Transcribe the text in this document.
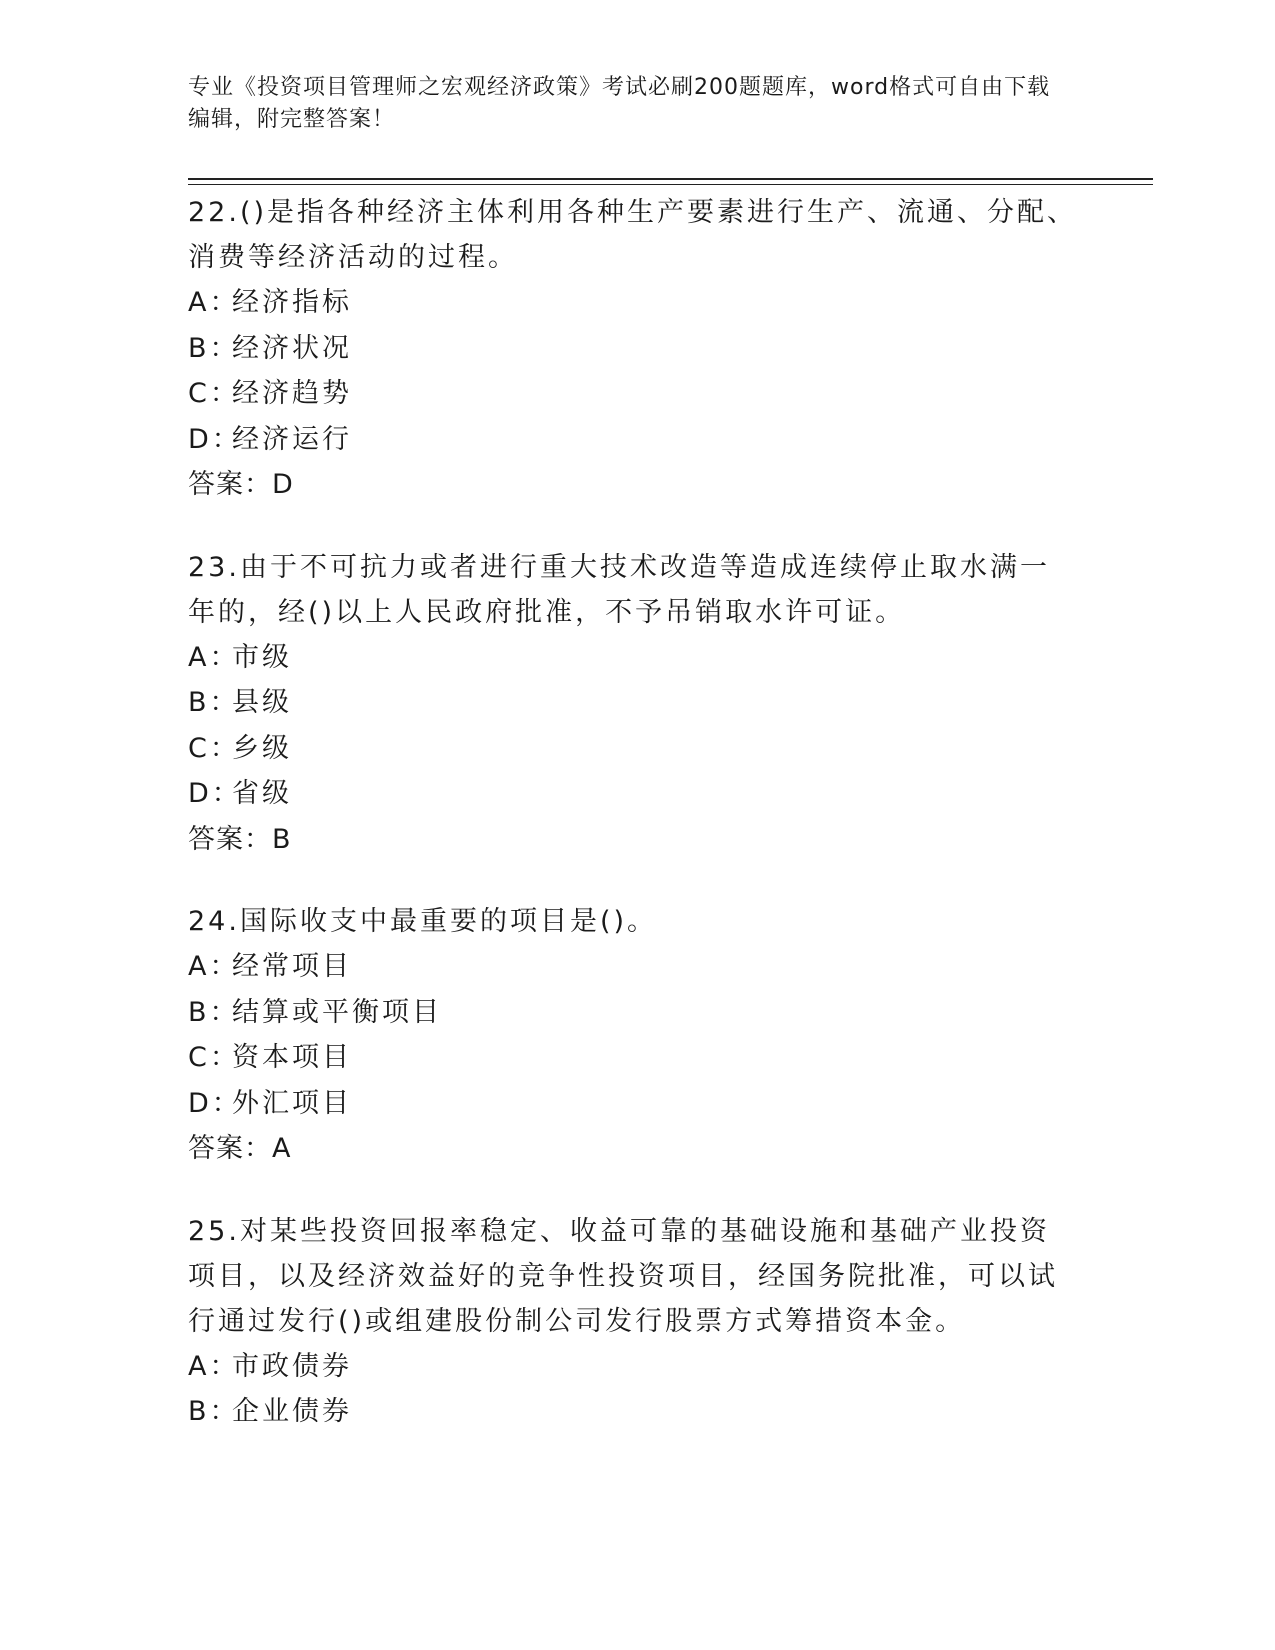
专业《投资项目管理师之宏观经济政策》考试必刷200题题库，word格式可自由下载编辑，附完整答案！

22.()是指各种经济主体利用各种生产要素进行生产、流通、分配、消费等经济活动的过程。

A：经济指标

B：经济状况

C：经济趋势

D：经济运行

答案：D

23.由于不可抗力或者进行重大技术改造等造成连续停止取水满一年的，经()以上人民政府批准，不予吊销取水许可证。

A：市级

B：县级

C：乡级

D：省级

答案：B

24.国际收支中最重要的项目是()。

A：经常项目

B：结算或平衡项目

C：资本项目

D：外汇项目

答案：A

25.对某些投资回报率稳定、收益可靠的基础设施和基础产业投资项目，以及经济效益好的竞争性投资项目，经国务院批准，可以试行通过发行()或组建股份制公司发行股票方式筹措资本金。

A：市政债券

B：企业债券
